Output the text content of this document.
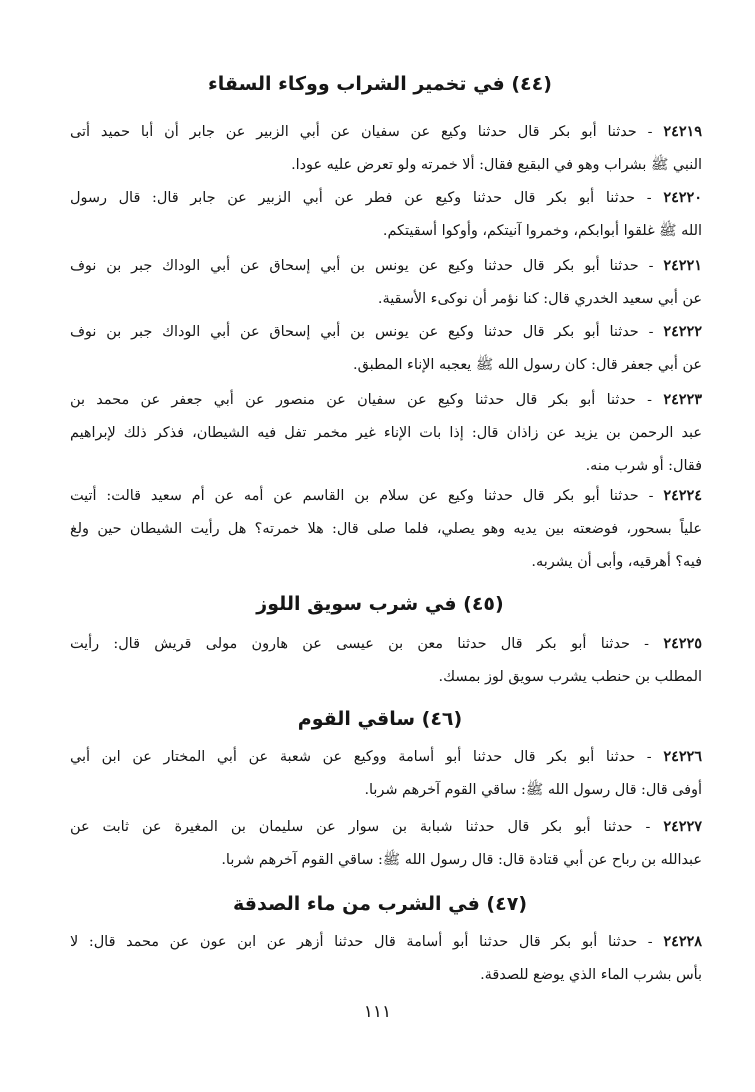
(٤٤) في تخمير الشراب ووكاء السقاء
٢٤٢١٩ - حدثنا أبو بكر قال حدثنا وكيع عن سفيان عن أبي الزبير عن جابر أن أبا حميد أتى
النبي ﷺ بشراب وهو في البقيع فقال: ألا خمرته ولو تعرض عليه عودا.
٢٤٢٢٠ - حدثنا أبو بكر قال حدثنا وكيع عن فطر عن أبي الزبير عن جابر قال: قال رسول
الله ﷺ غلقوا أبوابكم، وخمروا آنيتكم، وأوكوا أسقيتكم.
٢٤٢٢١ - حدثنا أبو بكر قال حدثنا وكيع عن يونس بن أبي إسحاق عن أبي الوداك جبر بن نوف
عن أبي سعيد الخدري قال: كنا نؤمر أن نوكىء الأسقية.
٢٤٢٢٢ - حدثنا أبو بكر قال حدثنا وكيع عن يونس بن أبي إسحاق عن أبي الوداك جبر بن نوف
عن أبي جعفر قال: كان رسول الله ﷺ يعجبه الإناء المطبق.
٢٤٢٢٣ - حدثنا أبو بكر قال حدثنا وكيع عن سفيان عن منصور عن أبي جعفر عن محمد بن
عبد الرحمن بن يزيد عن زاذان قال: إذا بات الإناء غير مخمر تفل فيه الشيطان، فذكر ذلك لإبراهيم
فقال: أو شرب منه.
٢٤٢٢٤ - حدثنا أبو بكر قال حدثنا وكيع عن سلام بن القاسم عن أمه عن أم سعيد قالت: أتيت
علياً بسحور، فوضعته بين يديه وهو يصلي، فلما صلى قال: هلا خمرته؟ هل رأيت الشيطان حين ولغ
فيه؟ أهرقيه، وأبى أن يشربه.
(٤٥) في شرب سويق اللوز
٢٤٢٢٥ - حدثنا أبو بكر قال حدثنا معن بن عيسى عن هارون مولى قريش قال: رأيت
المطلب بن حنطب يشرب سويق لوز بمسك.
(٤٦) ساقي القوم
٢٤٢٢٦ - حدثنا أبو بكر قال حدثنا أبو أسامة ووكيع عن شعبة عن أبي المختار عن ابن أبي
أوفى قال: قال رسول الله ﷺ: ساقي القوم آخرهم شربا.
٢٤٢٢٧ - حدثنا أبو بكر قال حدثنا شبابة بن سوار عن سليمان بن المغيرة عن ثابت عن
عبدالله بن رباح عن أبي قتادة قال: قال رسول الله ﷺ: ساقي القوم آخرهم شربا.
(٤٧) في الشرب من ماء الصدقة
٢٤٢٢٨ - حدثنا أبو بكر قال حدثنا أبو أسامة قال حدثنا أزهر عن ابن عون عن محمد قال: لا
بأس بشرب الماء الذي يوضع للصدقة.
١١١
